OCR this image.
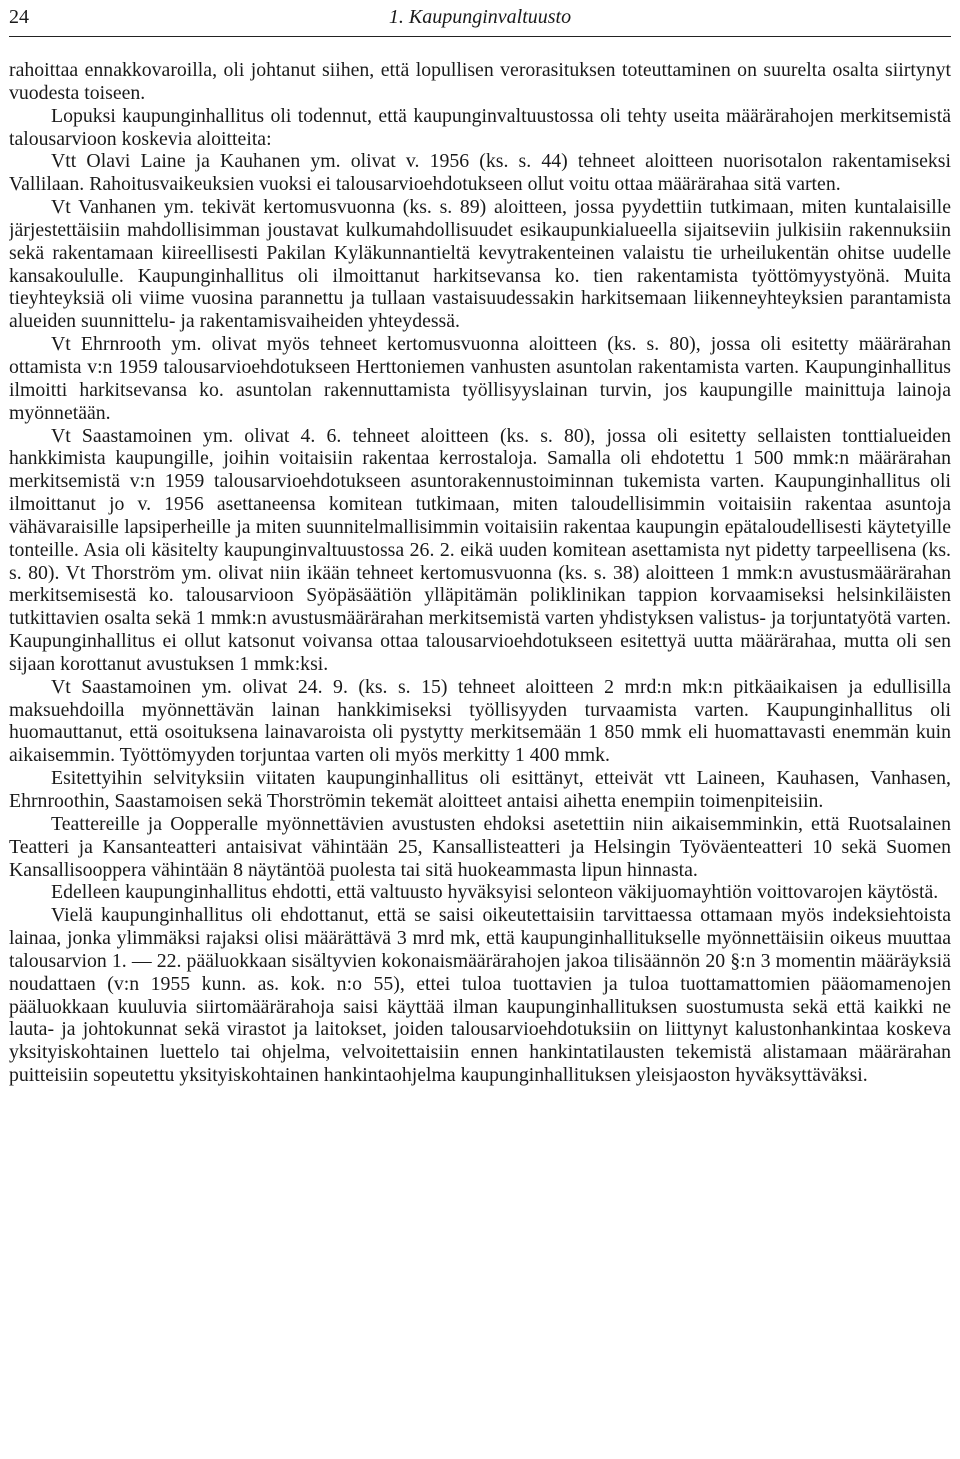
24	1. Kaupunginvaltuusto

rahoittaa ennakkovaroilla, oli johtanut siihen, että lopullisen verorasituksen toteuttaminen on suurelta osalta siirtynyt vuodesta toiseen.

Lopuksi kaupunginhallitus oli todennut, että kaupunginvaltuustossa oli tehty useita määrärahojen merkitsemistä talousarvioon koskevia aloitteita:

Vtt Olavi Laine ja Kauhanen ym. olivat v. 1956 (ks. s. 44) tehneet aloitteen nuorisotalon rakentamiseksi Vallilaan. Rahoitusvaikeuksien vuoksi ei talousarvioehdotukseen ollut voitu ottaa määrärahaa sitä varten.

Vt Vanhanen ym. tekivät kertomusvuonna (ks. s. 89) aloitteen, jossa pyydettiin tutkimaan, miten kuntalaisille järjestettäisiin mahdollisimman joustavat kulkumahdollisuudet esikaupunkialueella sijaitseviin julkisiin rakennuksiin sekä rakentamaan kiireellisesti Pakilan Kyläkunnantieltä kevytrakenteinen valaistu tie urheilukentän ohitse uudelle kansakoululle. Kaupunginhallitus oli ilmoittanut harkitsevansa ko. tien rakentamista työttömyystyönä. Muita tieyhteyksiä oli viime vuosina parannettu ja tullaan vastaisuudessakin harkitsemaan liikenneyhteyksien parantamista alueiden suunnittelu- ja rakentamisvaiheiden yhteydessä.

Vt Ehrnrooth ym. olivat myös tehneet kertomusvuonna aloitteen (ks. s. 80), jossa oli esitetty määrärahan ottamista v:n 1959 talousarvioehdotukseen Herttoniemen vanhusten asuntolan rakentamista varten. Kaupunginhallitus ilmoitti harkitsevansa ko. asuntolan rakennuttamista työllisyyslainan turvin, jos kaupungille mainittuja lainoja myönnetään.

Vt Saastamoinen ym. olivat 4. 6. tehneet aloitteen (ks. s. 80), jossa oli esitetty sellaisten tonttialueiden hankkimista kaupungille, joihin voitaisiin rakentaa kerrostaloja. Samalla oli ehdotettu 1 500 mmk:n määrärahan merkitsemistä v:n 1959 talousarvioehdotukseen asuntorakennustoiminnan tukemista varten. Kaupunginhallitus oli ilmoittanut jo v. 1956 asettaneensa komitean tutkimaan, miten taloudellisimmin voitaisiin rakentaa asuntoja vähävaraisille lapsiperheille ja miten suunnitelmallisimmin voitaisiin rakentaa kaupungin epätaloudellisesti käytetyille tonteille. Asia oli käsitelty kaupunginvaltuustossa 26. 2. eikä uuden komitean asettamista nyt pidetty tarpeellisena (ks. s. 80). Vt Thorström ym. olivat niin ikään tehneet kertomusvuonna (ks. s. 38) aloitteen 1 mmk:n avustusmäärärahan merkitsemisestä ko. talousarvioon Syöpäsäätiön ylläpitämän poliklinikan tappion korvaamiseksi helsinkiläisten tutkittavien osalta sekä 1 mmk:n avustusmäärärahan merkitsemistä varten yhdistyksen valistus- ja torjuntatyötä varten. Kaupunginhallitus ei ollut katsonut voivansa ottaa talousarvioehdotukseen esitettyä uutta määrärahaa, mutta oli sen sijaan korottanut avustuksen 1 mmk:ksi.

Vt Saastamoinen ym. olivat 24. 9. (ks. s. 15) tehneet aloitteen 2 mrd:n mk:n pitkäaikaisen ja edullisilla maksuehdoilla myönnettävän lainan hankkimiseksi työllisyyden turvaamista varten. Kaupunginhallitus oli huomauttanut, että osoituksena lainavaroista oli pystytty merkitsemään 1 850 mmk eli huomattavasti enemmän kuin aikaisemmin. Työttömyyden torjuntaa varten oli myös merkitty 1 400 mmk.

Esitettyihin selvityksiin viitaten kaupunginhallitus oli esittänyt, etteivät vtt Laineen, Kauhasen, Vanhasen, Ehrnroothin, Saastamoisen sekä Thorströmin tekemät aloitteet antaisi aihetta enempiin toimenpiteisiin.

Teattereille ja Oopperalle myönnettävien avustusten ehdoksi asetettiin niin aikaisemminkin, että Ruotsalainen Teatteri ja Kansanteatteri antaisivat vähintään 25, Kansallisteatteri ja Helsingin Työväenteatteri 10 sekä Suomen Kansallisooppera vähintään 8 näytäntöä puolesta tai sitä huokeammasta lipun hinnasta.

Edelleen kaupunginhallitus ehdotti, että valtuusto hyväksyisi selonteon väkijuomayhtiön voittovarojen käytöstä.

Vielä kaupunginhallitus oli ehdottanut, että se saisi oikeutettaisiin tarvittaessa ottamaan myös indeksiehtoista lainaa, jonka ylimmäksi rajaksi olisi määrättävä 3 mrd mk, että kaupunginhallitukselle myönnettäisiin oikeus muuttaa talousarvion 1. — 22. pääluokkaan sisältyvien kokonaismäärärahojen jakoa tilisäännön 20 §:n 3 momentin määräyksiä noudattaen (v:n 1955 kunn. as. kok. n:o 55), ettei tuloa tuottavien ja tuloa tuottamattomien pääomamenojen pääluokkaan kuuluvia siirtomäärärahoja saisi käyttää ilman kaupunginhallituksen suostumusta sekä että kaikki ne lauta- ja johtokunnat sekä virastot ja laitokset, joiden talousarvioehdotuksiin on liittynyt kalustonhankintaa koskeva yksityiskohtainen luettelo tai ohjelma, velvoitettaisiin ennen hankintatilausten tekemistä alistamaan määrärahan puitteisiin sopeutettu yksityiskohtainen hankintaohjelma kaupunginhallituksen yleisjaoston hyväksyttäväksi.
